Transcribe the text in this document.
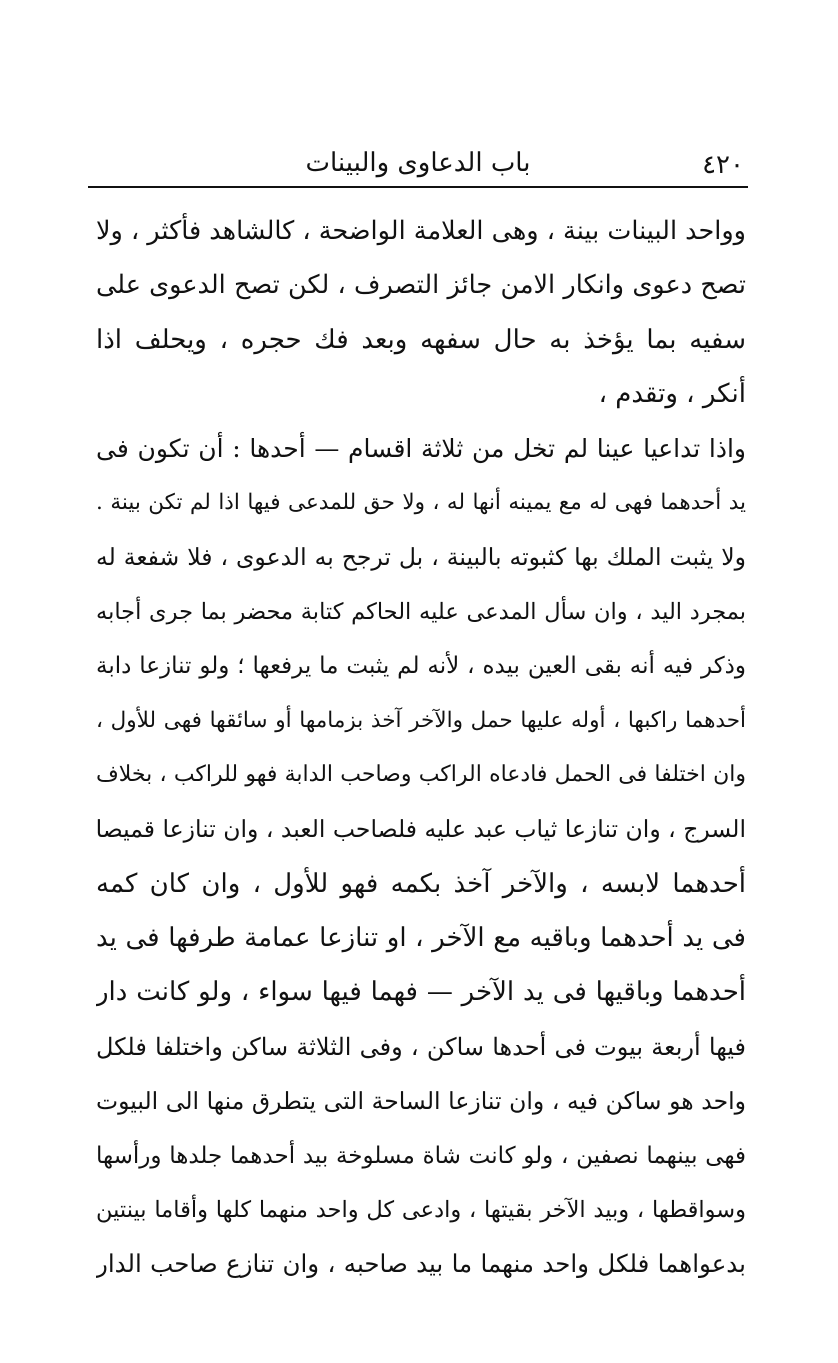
باب الدعاوى والبينات	٤٢٠
وواحد البينات بينة ، وهى العلامة الواضحة ، كالشاهد فأكثر ، ولا
تصح دعوى وانكار الامن جائز التصرف ، لكن تصح الدعوى على
سفيه بما يؤخذ به حال سفهه وبعد فك حجره ، ويحلف اذا
أنكر ، وتقدم ،
واذا تداعيا عينا لم تخل من ثلاثة اقسام — أحدها : أن تكون فى
يد أحدهما فهى له مع يمينه أنها له ، ولا حق للمدعى فيها اذا لم تكن بينة .
ولا يثبت الملك بها كثبوته بالبينة ، بل ترجح به الدعوى ، فلا شفعة له
بمجرد اليد ، وان سأل المدعى عليه الحاكم كتابة محضر بما جرى أجابه
وذكر فيه أنه بقى العين بيده ، لأنه لم يثبت ما يرفعها ؛ ولو تنازعا دابة
أحدهما راكبها ، أوله عليها حمل والآخر آخذ بزمامها أو سائقها فهى للأول ،
وان اختلفا فى الحمل فادعاه الراكب وصاحب الدابة فهو للراكب ، بخلاف
السرج ، وان تنازعا ثياب عبد عليه فلصاحب العبد ، وان تنازعا قميصا
أحدهما لابسه ، والآخر آخذ بكمه فهو للأول ، وان كان كمه
فى يد أحدهما وباقيه مع الآخر ، او تنازعا عمامة طرفها فى يد
أحدهما وباقيها فى يد الآخر — فهما فيها سواء ، ولو كانت دار
فيها أربعة بيوت فى أحدها ساكن ، وفى الثلاثة ساكن واختلفا فلكل
واحد هو ساكن فيه ، وان تنازعا الساحة التى يتطرق منها الى البيوت
فهى بينهما نصفين ، ولو كانت شاة مسلوخة بيد أحدهما جلدها ورأسها
وسواقطها ، وبيد الآخر بقيتها ، وادعى كل واحد منهما كلها وأقاما بينتين
بدعواهما فلكل واحد منهما ما بيد صاحبه ، وان تنازع صاحب الدار
